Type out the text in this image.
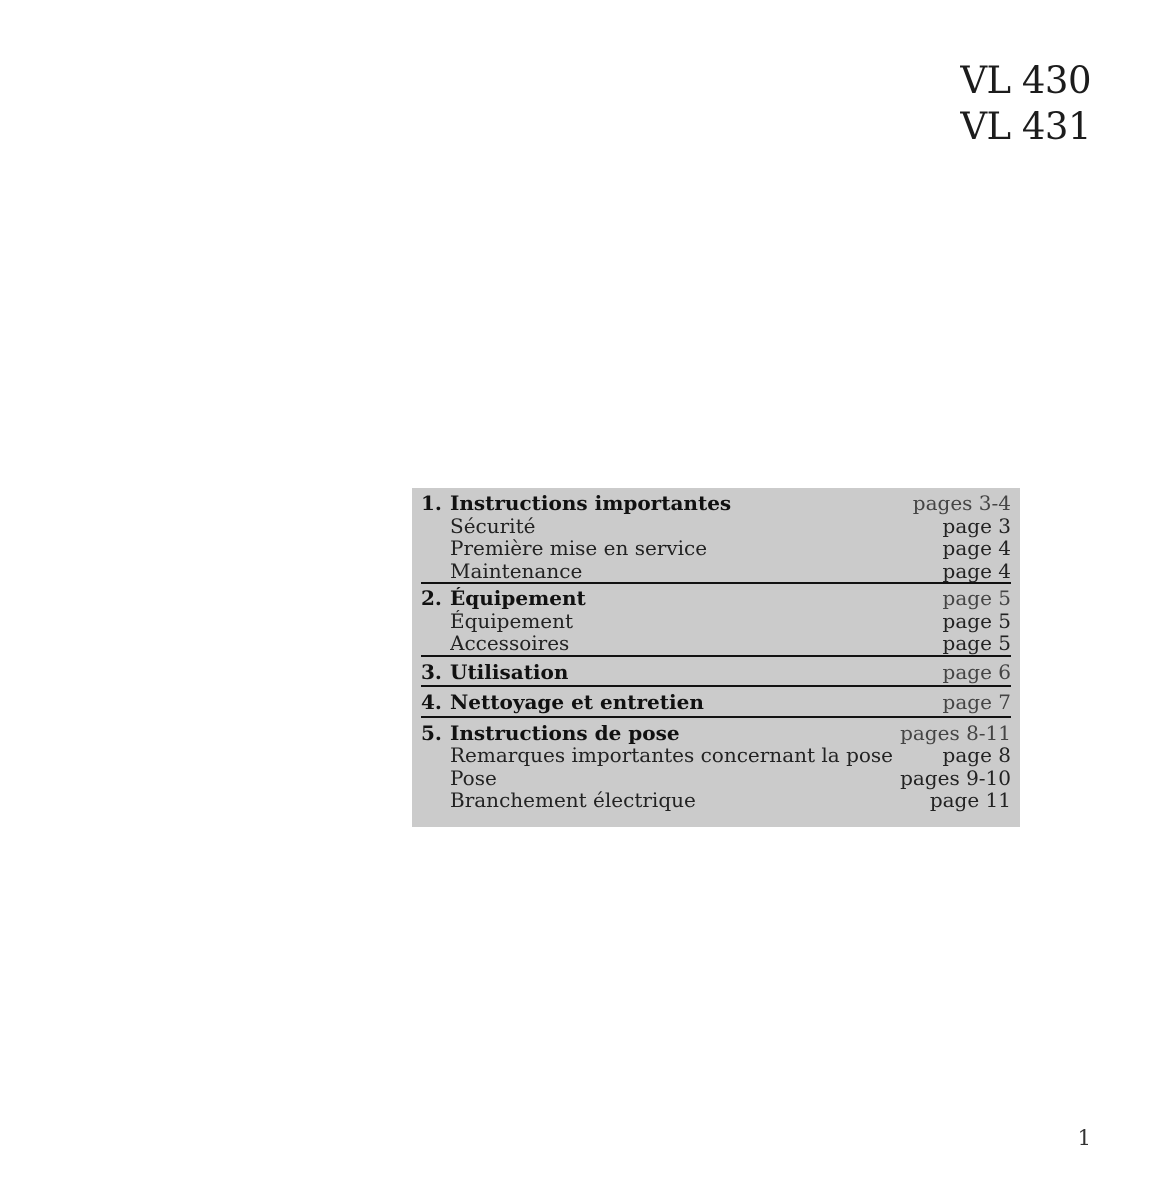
VL 430
VL 431
1. Instructions importantes	pages 3-4
Sécurité	page 3
Première mise en service	page 4
Maintenance	page 4
2. Équipement	page 5
Équipement	page 5
Accessoires	page 5
3. Utilisation	page 6
4. Nettoyage et entretien	page 7
5. Instructions de pose	pages 8-11
Remarques importantes concernant la pose	page 8
Pose	pages 9-10
Branchement électrique	page 11
1
